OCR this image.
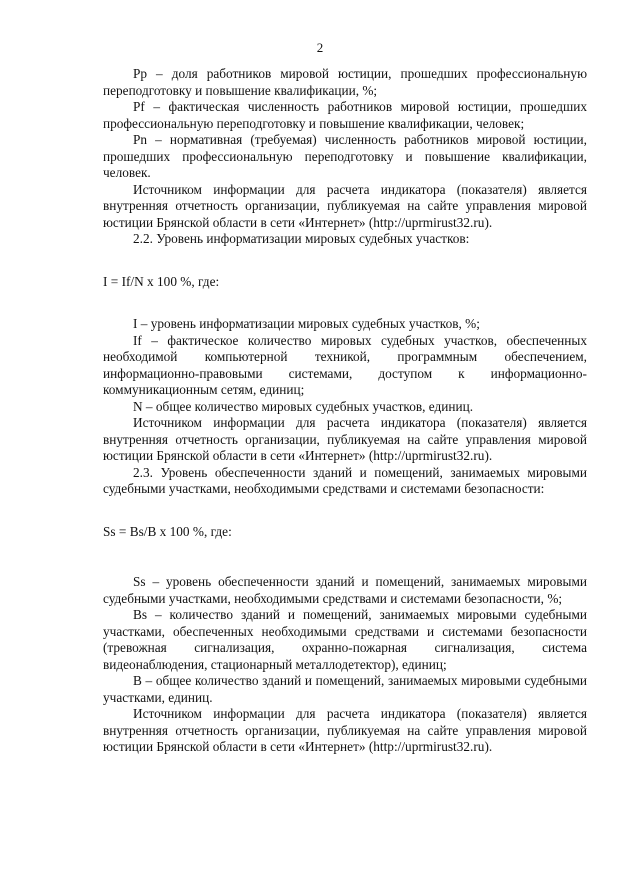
2

Pp – доля работников мировой юстиции, прошедших профессиональную переподготовку и повышение квалификации, %;

Pf – фактическая численность работников мировой юстиции, прошедших профессиональную переподготовку и повышение квалификации, человек;

Pn – нормативная (требуемая) численность работников мировой юстиции, прошедших профессиональную переподготовку и повышение квалификации, человек.

Источником информации для расчета индикатора (показателя) является внутренняя отчетность организации, публикуемая на сайте управления мировой юстиции Брянской области в сети «Интернет» (http://uprmirust32.ru).

2.2. Уровень информатизации мировых судебных участков:

I = If/N х 100 %, где:

I – уровень информатизации мировых судебных участков, %;

If – фактическое количество мировых судебных участков, обеспеченных необходимой компьютерной техникой, программным обеспечением, информационно-правовыми системами, доступом к информационно-коммуникационным сетям, единиц;

N – общее количество мировых судебных участков, единиц.

Источником информации для расчета индикатора (показателя) является внутренняя отчетность организации, публикуемая на сайте управления мировой юстиции Брянской области в сети «Интернет» (http://uprmirust32.ru).

2.3. Уровень обеспеченности зданий и помещений, занимаемых мировыми судебными участками, необходимыми средствами и системами безопасности:

Ss = Bs/B х 100 %, где:

Ss – уровень обеспеченности зданий и помещений, занимаемых мировыми судебными участками, необходимыми средствами и системами безопасности, %;

Bs – количество зданий и помещений, занимаемых мировыми судебными участками, обеспеченных необходимыми средствами и системами безопасности (тревожная сигнализация, охранно-пожарная сигнализация, система видеонаблюдения, стационарный металлодетектор), единиц;

B – общее количество зданий и помещений, занимаемых мировыми судебными участками, единиц.

Источником информации для расчета индикатора (показателя) является внутренняя отчетность организации, публикуемая на сайте управления мировой юстиции Брянской области в сети «Интернет» (http://uprmirust32.ru).
